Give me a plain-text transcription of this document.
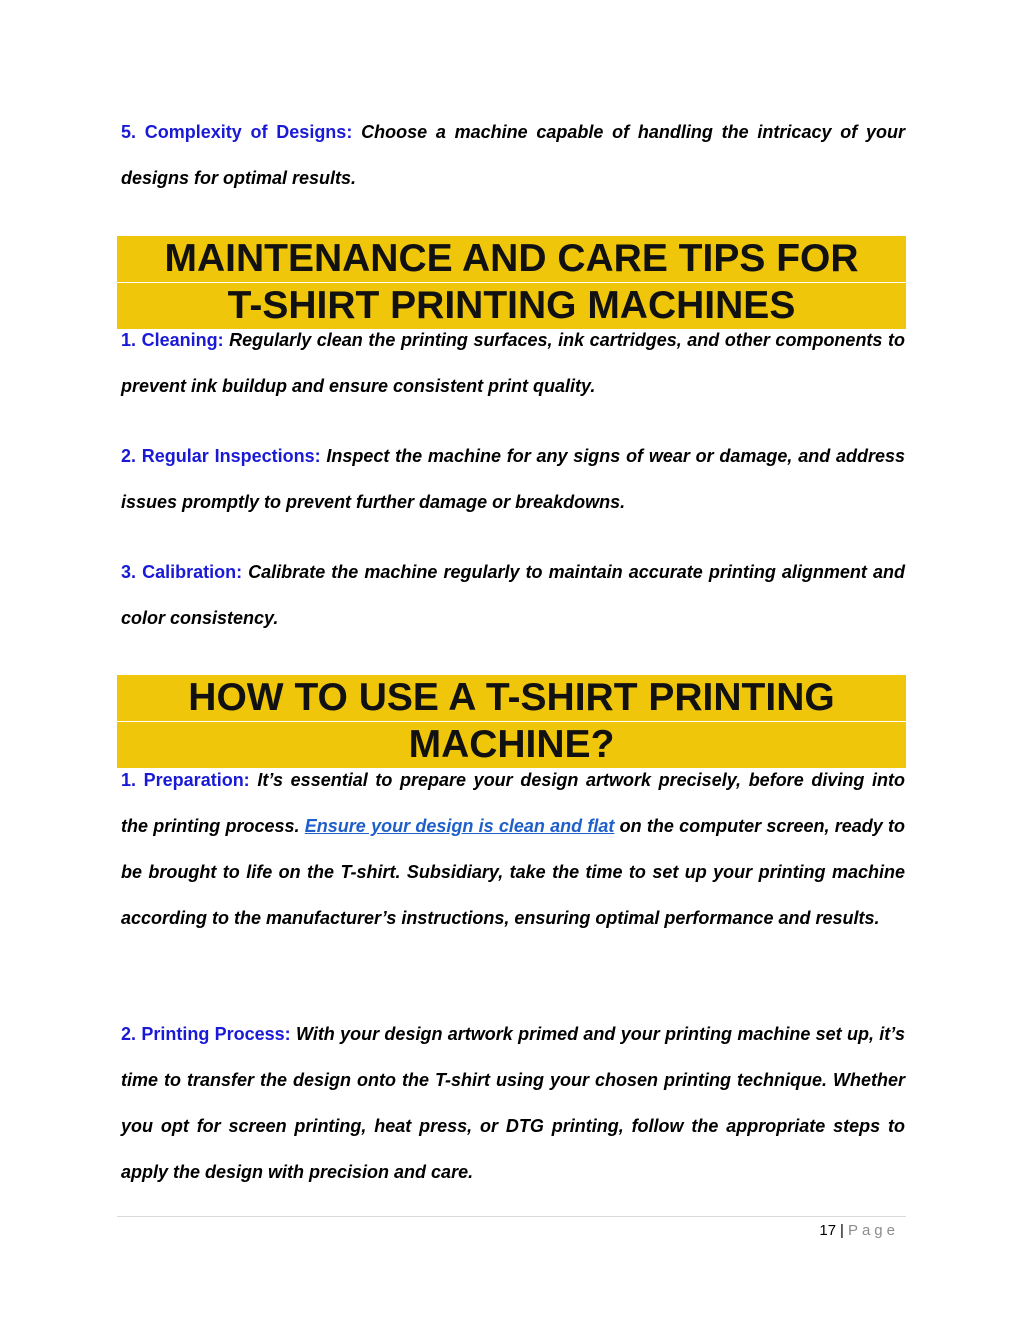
5. Complexity of Designs: Choose a machine capable of handling the intricacy of your designs for optimal results.

MAINTENANCE AND CARE TIPS FOR
T-SHIRT PRINTING MACHINES

1. Cleaning: Regularly clean the printing surfaces, ink cartridges, and other components to prevent ink buildup and ensure consistent print quality.

2. Regular Inspections: Inspect the machine for any signs of wear or damage, and address issues promptly to prevent further damage or breakdowns.

3. Calibration: Calibrate the machine regularly to maintain accurate printing alignment and color consistency.

HOW TO USE A T-SHIRT PRINTING
MACHINE?

1. Preparation: It’s essential to prepare your design artwork precisely, before diving into the printing process. Ensure your design is clean and flat on the computer screen, ready to be brought to life on the T-shirt. Subsidiary, take the time to set up your printing machine according to the manufacturer’s instructions, ensuring optimal performance and results.

2. Printing Process: With your design artwork primed and your printing machine set up, it’s time to transfer the design onto the T-shirt using your chosen printing technique. Whether you opt for screen printing, heat press, or DTG printing, follow the appropriate steps to apply the design with precision and care.

17 | Page
